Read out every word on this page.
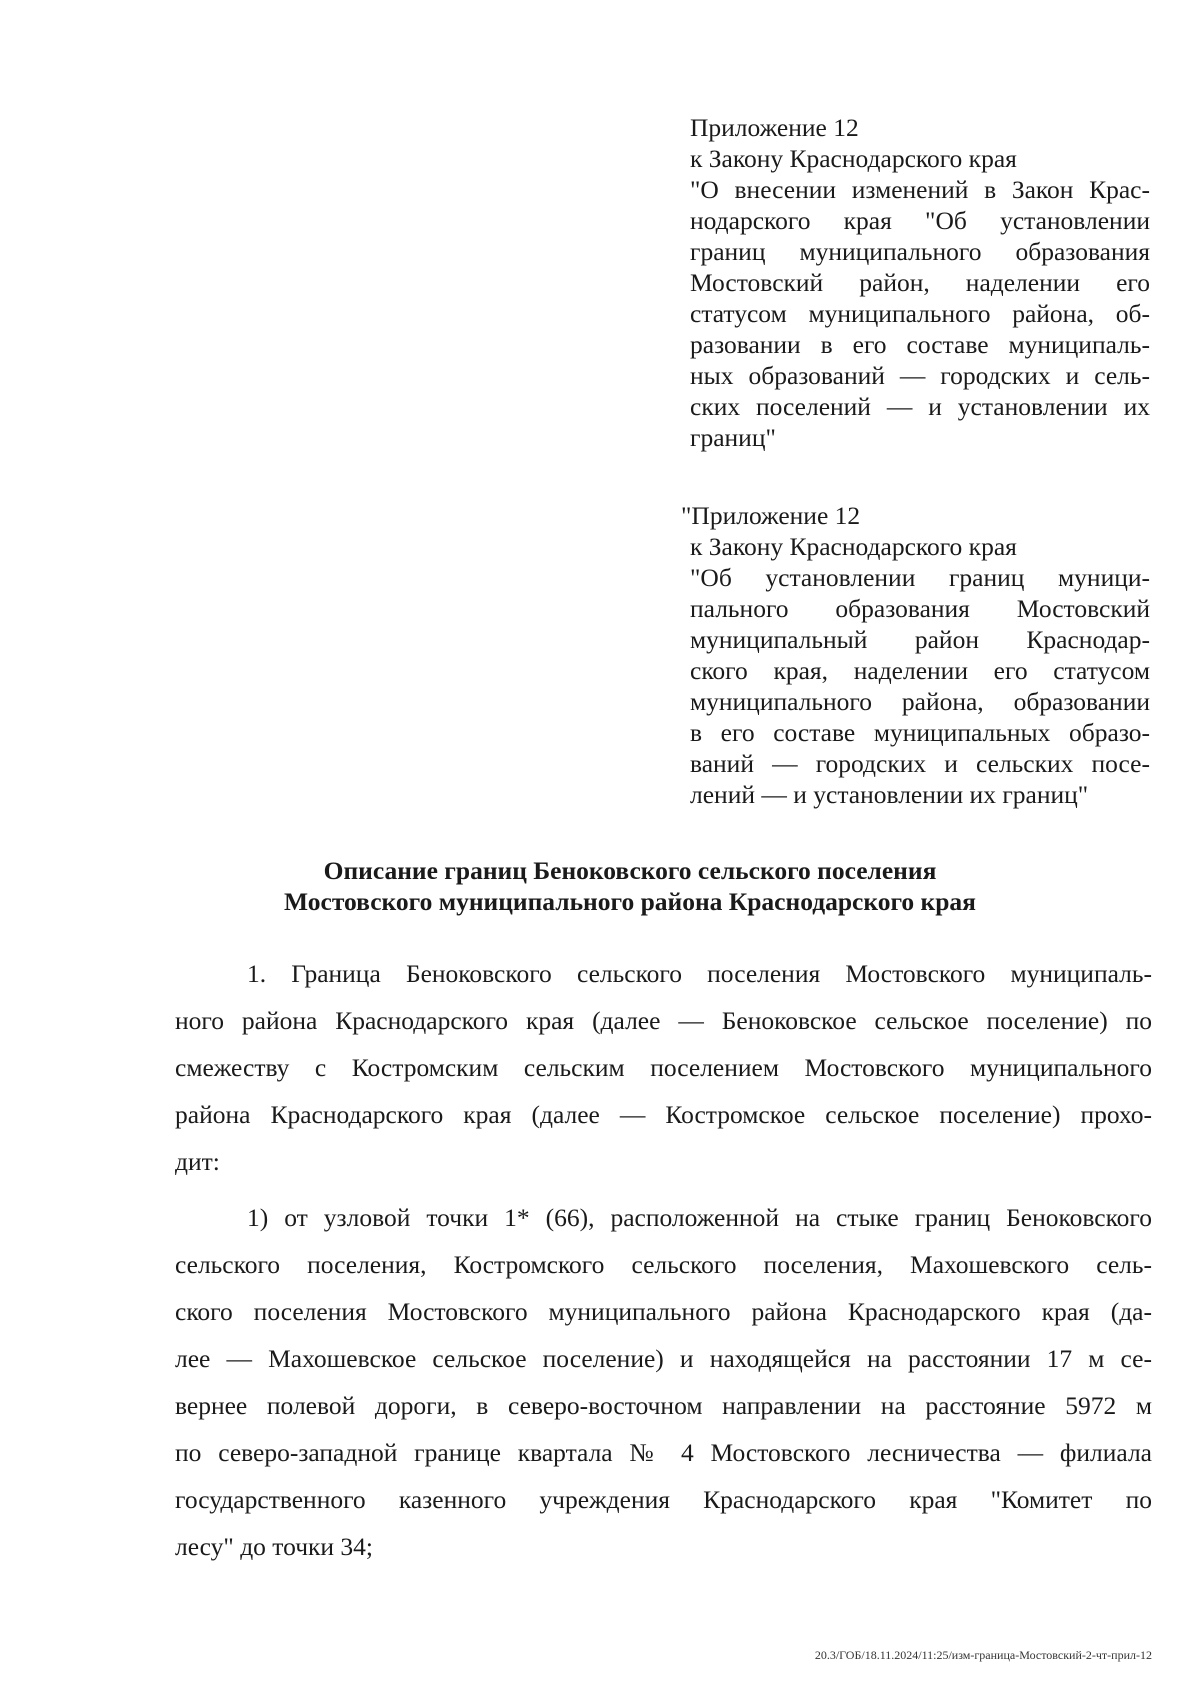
Приложение 12
к Закону Краснодарского края
"О внесении изменений в Закон Крас-
нодарского края "Об установлении
границ муниципального образования
Мостовский район, наделении его
статусом муниципального района, об-
разовании в его составе муниципаль-
ных образований — городских и сель-
ских поселений — и установлении их
границ"
"Приложение 12
к Закону Краснодарского края
"Об установлении границ муници-
пального образования Мостовский
муниципальный район Краснодар-
ского края, наделении его статусом
муниципального района, образовании
в его составе муниципальных образо-
ваний — городских и сельских посе-
лений — и установлении их границ"
Описание границ Беноковского сельского поселения
Мостовского муниципального района Краснодарского края
1. Граница Беноковского сельского поселения Мостовского муниципаль-
ного района Краснодарского края (далее — Беноковское сельское поселение) по
смежеству с Костромским сельским поселением Мостовского муниципального
района Краснодарского края (далее — Костромское сельское поселение) прохо-
дит:
1) от узловой точки 1* (66), расположенной на стыке границ Беноковского
сельского поселения, Костромского сельского поселения, Махошевского сель-
ского поселения Мостовского муниципального района Краснодарского края (да-
лее — Махошевское сельское поселение) и находящейся на расстоянии 17 м се-
вернее полевой дороги, в северо-восточном направлении на расстояние 5972 м
по северо-западной границе квартала № 4 Мостовского лесничества — филиала
государственного казенного учреждения Краснодарского края "Комитет по
лесу" до точки 34;
20.3/ГОБ/18.11.2024/11:25/изм-граница-Мостовский-2-чт-прил-12
